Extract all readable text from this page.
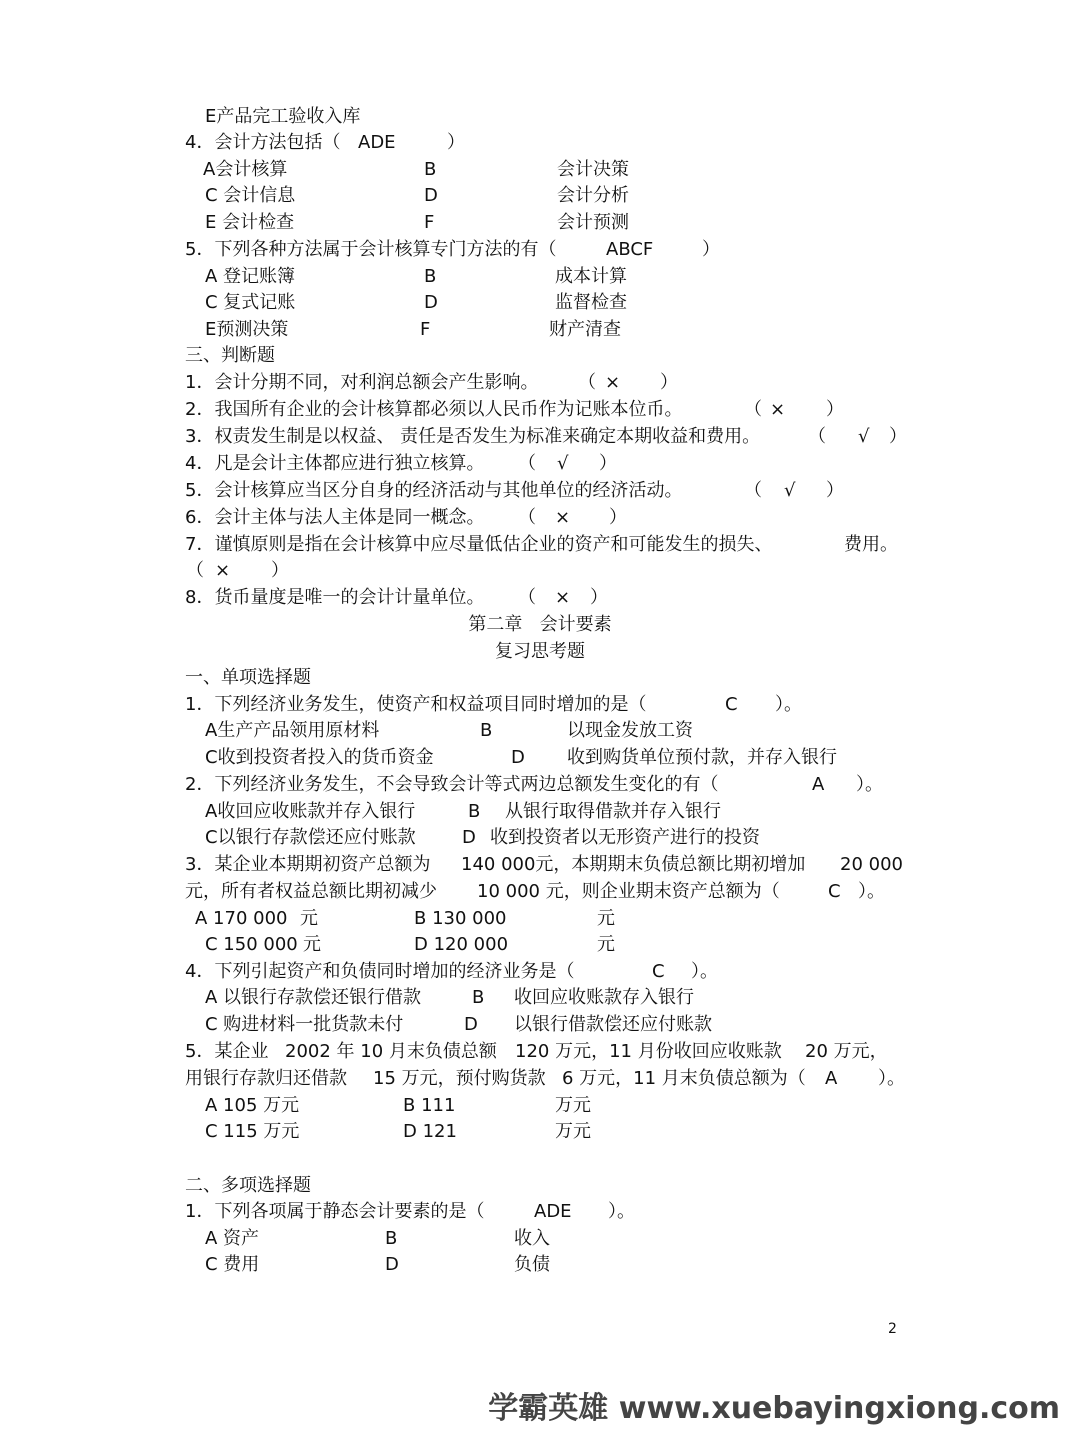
E产品完工验收入库
4．会计方法包括（ ADE	）
A会计核算	B	会计决策
C 会计信息	D	会计分析
E 会计检查	F	会计预测
5．下列各种方法属于会计核算专门方法的有（	ABCF	）
A 登记账簿	B	成本计算
C 复式记账	D	监督检查
E预测决策	F	财产清查
三、判断题
1．会计分期不同，对利润总额会产生影响。 （ × ）
2．我国所有企业的会计核算都必须以人民币作为记账本位币。	（ × ）
3．权责发生制是以权益、 责任是否发生为标准来确定本期收益和费用。	（ √ ）
4．凡是会计主体都应进行独立核算。 （ √ ）
5．会计核算应当区分自身的经济活动与其他单位的经济活动。	（ √ ）
6．会计主体与法人主体是同一概念。 （ × ）
7．谨慎原则是指在会计核算中应尽量低估企业的资产和可能发生的损失、	费用。
（ × ）
8．货币量度是唯一的会计计量单位。 （ × ）
第二章   会计要素
复习思考题
一、单项选择题
1．下列经济业务发生，使资产和权益项目同时增加的是（	C ）。
A生产产品领用原材料	B	以现金发放工资
C收到投资者投入的货币资金	D 收到购货单位预付款，并存入银行
2．下列经济业务发生，不会导致会计等式两边总额发生变化的有（	A ）。
A收回应收账款并存入银行	B 从银行取得借款并存入银行
C以银行存款偿还应付账款	D 收到投资者以无形资产进行的投资
3．某企业本期期初资产总额为 140 000元，本期期末负债总额比期初增加 20 000
元，所有者权益总额比期初减少 10 000 元，则企业期末资产总额为（	C ）。
A 170 000 元	B 130 000	元
C 150 000 元	D 120 000	元
4．下列引起资产和负债同时增加的经济业务是（	C ）。
A 以银行存款偿还银行借款	B 收回应收账款存入银行
C 购进材料一批货款未付	D 以银行借款偿还应付账款
5．某企业 2002 年 10 月末负债总额 120 万元，11 月份收回应收账款 20 万元，
用银行存款归还借款 15 万元，预付购货款 6 万元，11 月末负债总额为（ A ）。
A 105 万元	B 111	万元
C 115 万元	D 121	万元
二、多项选择题
1．下列各项属于静态会计要素的是（	ADE ）。
A 资产	B	收入
C 费用	D	负债
2
学霸英雄 www.xuebayingxiong.com
